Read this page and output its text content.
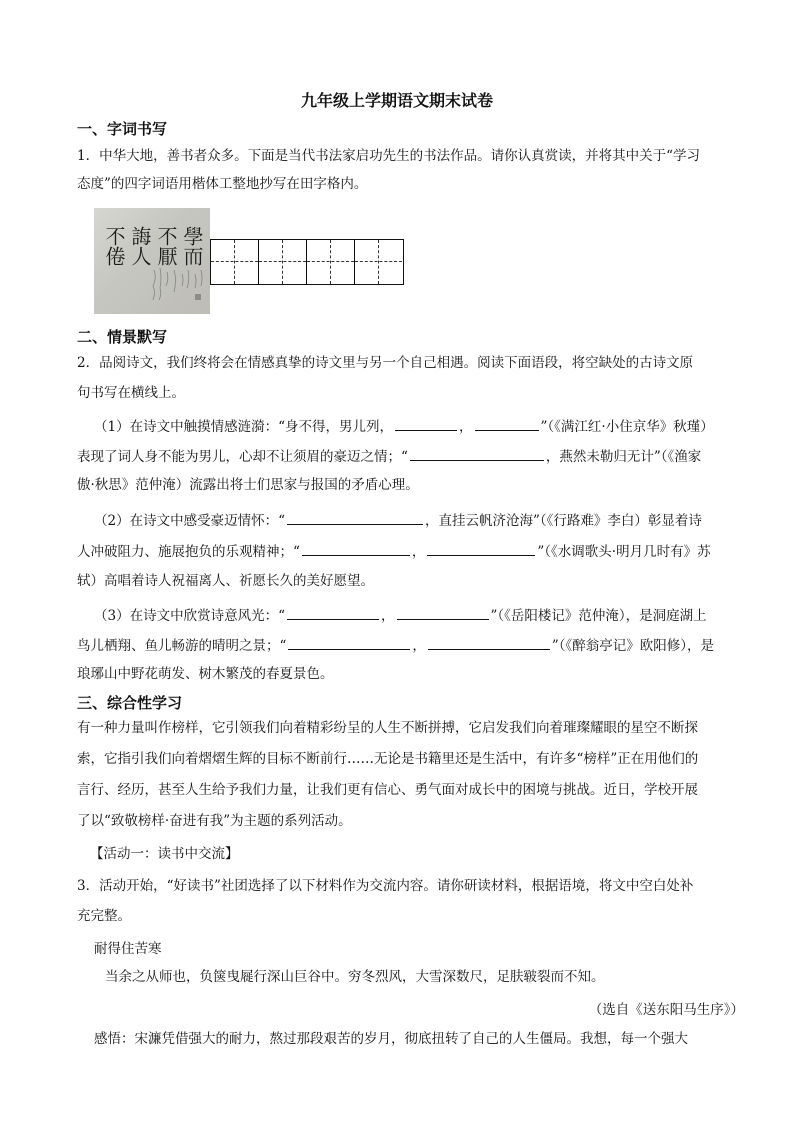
九年级上学期语文期末试卷
一、字词书写
1．中华大地，善书者众多。下面是当代书法家启功先生的书法作品。请你认真赏读，并将其中关于“学习
态度”的四字词语用楷体工整地抄写在田字格内。
學而
不厭
誨人
不倦
二、情景默写
2．品阅诗文，我们终将会在情感真挚的诗文里与另一个自己相遇。阅读下面语段，将空缺处的古诗文原
句书写在横线上。
（1）在诗文中触摸情感涟漪：“身不得，男儿列，	，	”（《满江红·小住京华》秋瑾）
表现了词人身不能为男儿，心却不让须眉的豪迈之情；“	，燕然未勒归无计”（《渔家
傲·秋思》范仲淹）流露出将士们思家与报国的矛盾心理。
（2）在诗文中感受豪迈情怀：“	，直挂云帆济沧海”（《行路难》李白）彰显着诗
人冲破阻力、施展抱负的乐观精神；“	，	”（《水调歌头·明月几时有》苏
轼）高唱着诗人祝福离人、祈愿长久的美好愿望。
（3）在诗文中欣赏诗意风光：“	，	”（《岳阳楼记》范仲淹），是洞庭湖上
鸟儿栖翔、鱼儿畅游的晴明之景；“	，	”（《醉翁亭记》欧阳修），是
琅琊山中野花萌发、树木繁茂的春夏景色。
三、综合性学习
有一种力量叫作榜样，它引领我们向着精彩纷呈的人生不断拼搏，它启发我们向着璀璨耀眼的星空不断探
索，它指引我们向着熠熠生辉的目标不断前行……无论是书籍里还是生活中，有许多“榜样”正在用他们的
言行、经历，甚至人生给予我们力量，让我们更有信心、勇气面对成长中的困境与挑战。近日，学校开展
了以“致敬榜样·奋进有我”为主题的系列活动。
【活动一：读书中交流】
3．活动开始，“好读书”社团选择了以下材料作为交流内容。请你研读材料，根据语境，将文中空白处补
充完整。
耐得住苦寒
当余之从师也，负箧曳屣行深山巨谷中。穷冬烈风，大雪深数尺，足肤皲裂而不知。
（选自《送东阳马生序》）
感悟：宋濂凭借强大的耐力，熬过那段艰苦的岁月，彻底扭转了自己的人生僵局。我想，每一个强大
